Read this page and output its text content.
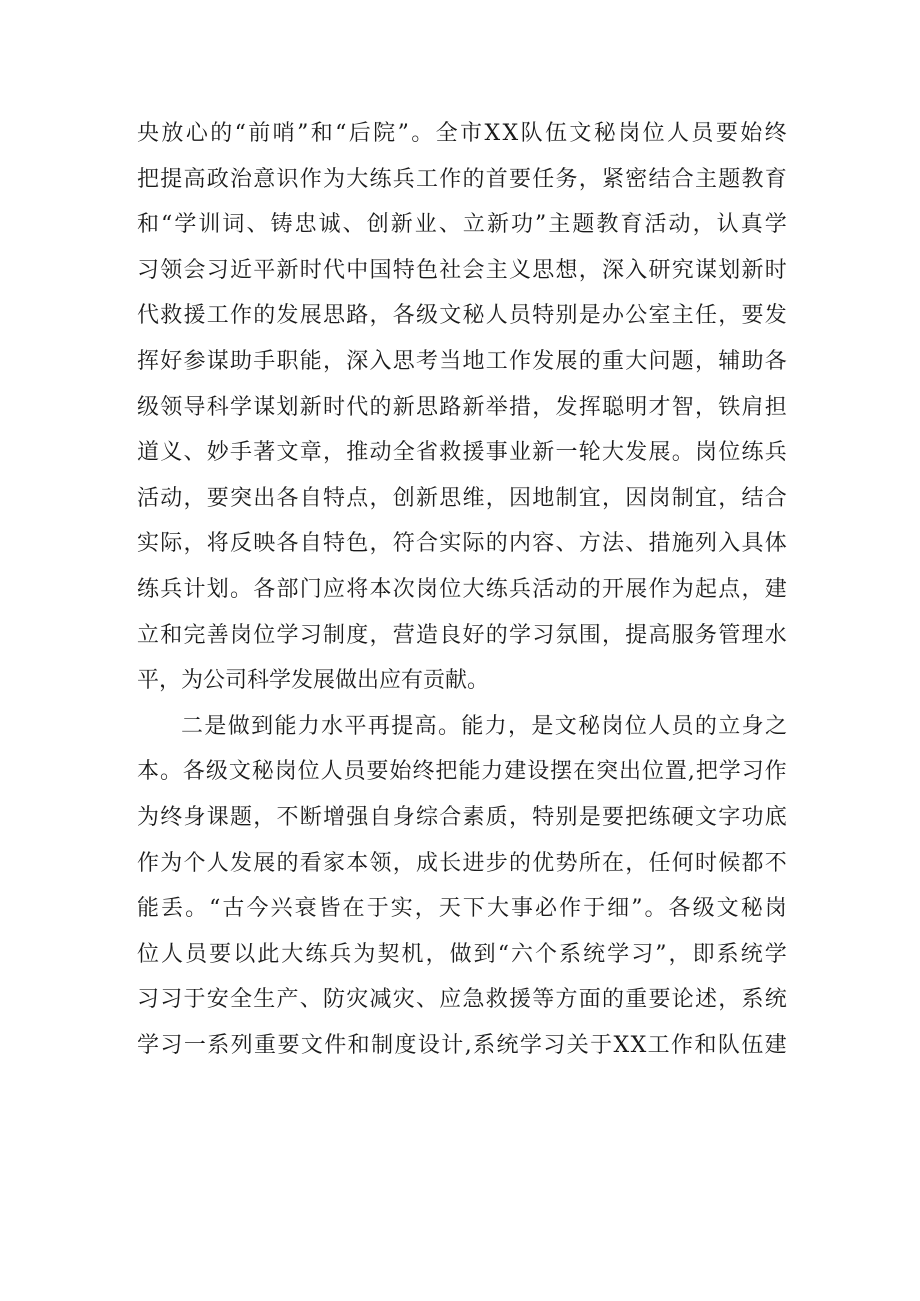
央 放 心 的 “ 前 哨 ” 和 “ 后 院 ” 。 全 市 X X 队 伍 文 秘 岗 位 人 员 要 始 终
把 提 高 政 治 意 识 作 为 大 练 兵 工 作 的 首 要 任 务 ， 紧 密 结 合 主 题 教 育
和 “ 学 训 词 、 铸 忠 诚 、 创 新 业 、 立 新 功 ” 主 题 教 育 活 动 ， 认 真 学
习 领 会 习 近 平 新 时 代 中 国 特 色 社 会 主 义 思 想 ， 深 入 研 究 谋 划 新 时
代 救 援 工 作 的 发 展 思 路 ， 各 级 文 秘 人 员 特 别 是 办 公 室 主 任 ， 要 发
挥 好 参 谋 助 手 职 能 ， 深 入 思 考 当 地 工 作 发 展 的 重 大 问 题 ， 辅 助 各
级 领 导 科 学 谋 划 新 时 代 的 新 思 路 新 举 措 ， 发 挥 聪 明 才 智 ， 铁 肩 担
道 义 、 妙 手 著 文 章 ， 推 动 全 省 救 援 事 业 新 一 轮 大 发 展 。 岗 位 练 兵
活 动 ， 要 突 出 各 自 特 点 ， 创 新 思 维 ， 因 地 制 宜 ， 因 岗 制 宜 ， 结 合
实 际 ， 将 反 映 各 自 特 色 ， 符 合 实 际 的 内 容 、 方 法 、 措 施 列 入 具 体
练 兵 计 划 。 各 部 门 应 将 本 次 岗 位 大 练 兵 活 动 的 开 展 作 为 起 点 ， 建
立 和 完 善 岗 位 学 习 制 度 ， 营 造 良 好 的 学 习 氛 围 ， 提 高 服 务 管 理 水
平，为公司科学发展做出应有贡献。
二 是 做 到 能 力 水 平 再 提 高 。 能 力 ， 是 文 秘 岗 位 人 员 的 立 身 之
本 。 各 级 文 秘 岗 位 人 员 要 始 终 把 能 力 建 设 摆 在 突 出 位 置 , 把 学 习 作
为 终 身 课 题 ， 不 断 增 强 自 身 综 合 素 质 ， 特 别 是 要 把 练 硬 文 字 功 底
作 为 个 人 发 展 的 看 家 本 领 ， 成 长 进 步 的 优 势 所 在 ， 任 何 时 候 都 不
能 丢 。 “ 古 今 兴 衰 皆 在 于 实 ， 天 下 大 事 必 作 于 细 ” 。 各 级 文 秘 岗
位 人 员 要 以 此 大 练 兵 为 契 机 ， 做 到 “ 六 个 系 统 学 习 ” ， 即 系 统 学
习 习 于 安 全 生 产 、 防 灾 减 灾 、 应 急 救 援 等 方 面 的 重 要 论 述 ， 系 统
学 习 一 系 列 重 要 文 件 和 制 度 设 计 , 系 统 学 习 关 于 X X 工 作 和 队 伍 建
